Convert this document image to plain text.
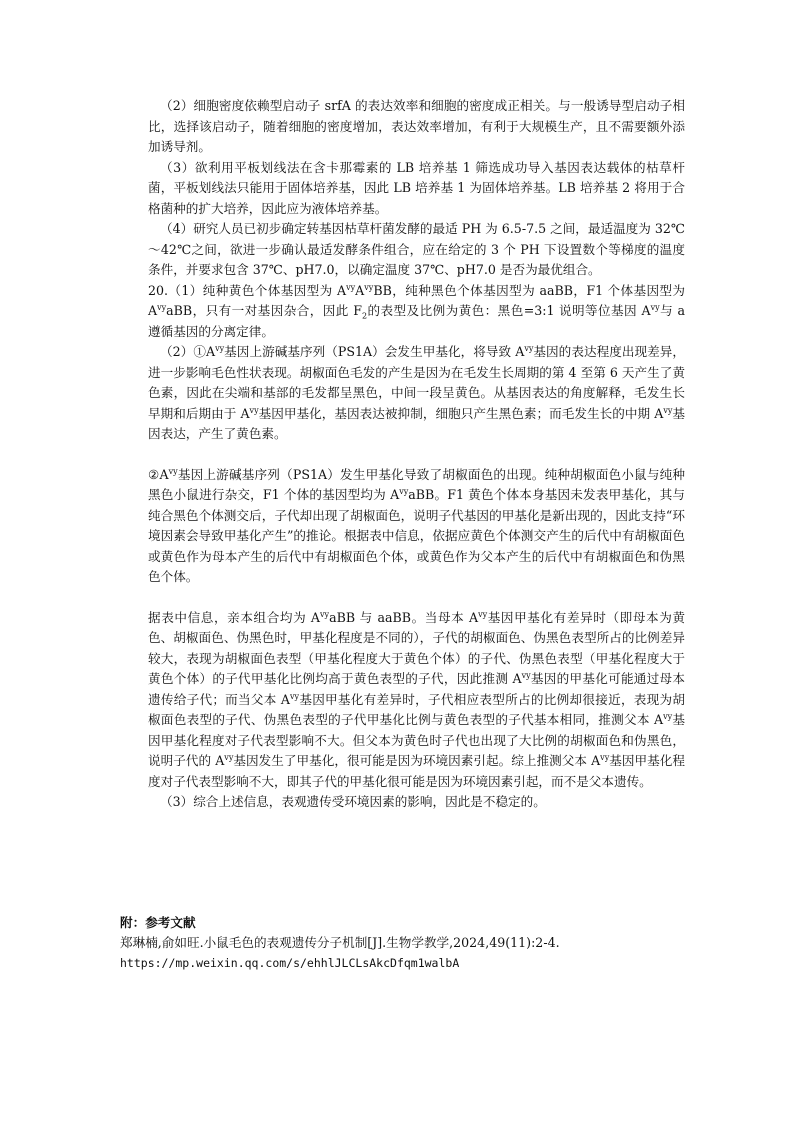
（2）细胞密度依赖型启动子 srfA 的表达效率和细胞的密度成正相关。与一般诱导型启动子相比，选择该启动子，随着细胞的密度增加，表达效率增加，有利于大规模生产，且不需要额外添加诱导剂。

（3）欲利用平板划线法在含卡那霉素的 LB 培养基 1 筛选成功导入基因表达载体的枯草杆菌，平板划线法只能用于固体培养基，因此 LB 培养基 1 为固体培养基。LB 培养基 2 将用于合格菌种的扩大培养，因此应为液体培养基。

（4）研究人员已初步确定转基因枯草杆菌发酵的最适 PH 为 6.5-7.5 之间，最适温度为 32℃～42℃之间，欲进一步确认最适发酵条件组合，应在给定的 3 个 PH 下设置数个等梯度的温度条件，并要求包含 37℃、pH7.0，以确定温度 37℃、pH7.0 是否为最优组合。

20.（1）纯种黄色个体基因型为 $A^{vy}A^{vy}BB$，纯种黑色个体基因型为 aaBB，F1 个体基因型为 $A^{vy}aBB$，只有一对基因杂合，因此 $F_2$的表型及比例为黄色：黑色=3:1 说明等位基因 $A^{vy}$与 a 遵循基因的分离定律。

$(2)①A^{vy}$基因上游碱基序列（PS1A）会发生甲基化，将导致 $A^{vy}$基因的表达程度出现差异，进一步影响毛色性状表现。胡椒面色毛发的产生是因为在毛发生长周期的第 4 至第 6 天产生了黄色素，因此在尖端和基部的毛发都呈黑色，中间一段呈黄色。从基因表达的角度解释，毛发生长早期和后期由于 $A^{vy}$基因甲基化，基因表达被抑制，细胞只产生黑色素；而毛发生长的中期 $A^{vy}$基因表达，产生了黄色素。

$②A^{vy}$基因上游碱基序列（PS1A）发生甲基化导致了胡椒面色的出现。纯种胡椒面色小鼠与纯种黑色小鼠进行杂交，F1 个体的基因型均为 $A^{vy}aBB$。F1 黄色个体本身基因未发表甲基化，其与纯合黑色个体测交后，子代却出现了胡椒面色，说明子代基因的甲基化是新出现的，因此支持“环境因素会导致甲基化产生”的推论。根据表中信息，依据应黄色个体测交产生的后代中有胡椒面色或黄色作为母本产生的后代中有胡椒面色个体，或黄色作为父本产生的后代中有胡椒面色和伪黑色个体。

据表中信息，亲本组合均为 $A^{vy}aBB$ 与 aaBB。当母本 $A^{vy}$基因甲基化有差异时（即母本为黄色、胡椒面色、伪黑色时，甲基化程度是不同的），子代的胡椒面色、伪黑色表型所占的比例差异较大，表现为胡椒面色表型（甲基化程度大于黄色个体）的子代、伪黑色表型（甲基化程度大于黄色个体）的子代甲基化比例均高于黄色表型的子代，因此推测 $A^{vy}$基因的甲基化可能通过母本遗传给子代；而当父本 $A^{vy}$基因甲基化有差异时，子代相应表型所占的比例却很接近，表现为胡椒面色表型的子代、伪黑色表型的子代甲基化比例与黄色表型的子代基本相同，推测父本 $A^{vy}$基因甲基化程度对子代表型影响不大。但父本为黄色时子代也出现了大比例的胡椒面色和伪黑色，说明子代的 $A^{vy}$基因发生了甲基化，很可能是因为环境因素引起。综上推测父本 $A^{vy}$基因甲基化程度对子代表型影响不大，即其子代的甲基化很可能是因为环境因素引起，而不是父本遗传。

（3）综合上述信息，表观遗传受环境因素的影响，因此是不稳定的。

附：参考文献

郑琳楠,俞如旺.小鼠毛色的表观遗传分子机制[J].生物学教学,2024,49(11):2-4.

https://mp.weixin.qq.com/s/ehhlJLCLsAkcDfqm1walbA
